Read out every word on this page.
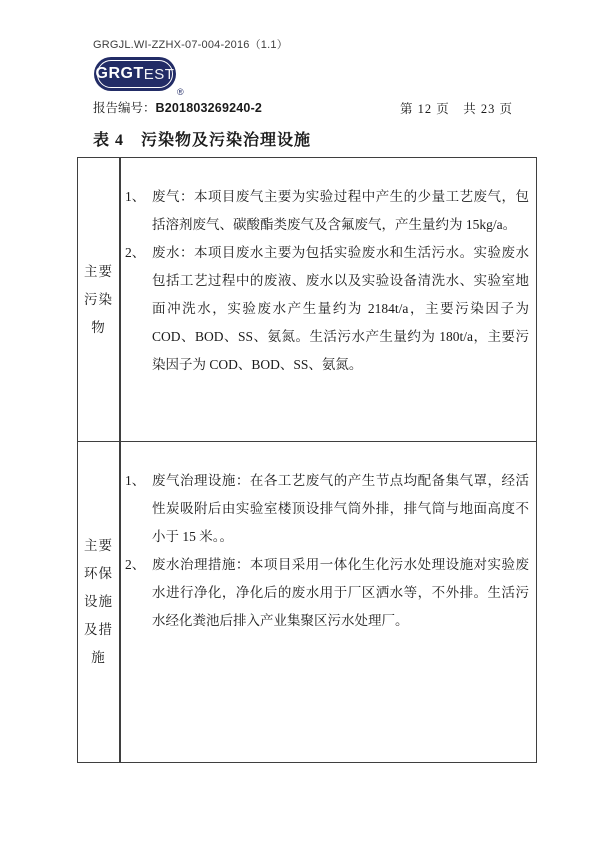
GRGJL.WI-ZZHX-07-004-2016（1.1）
GRGT EST
®
报告编号：B201803269240-2	第 12 页　共 23 页
表 4　污染物及污染治理设施
主要
污染
物
1、 废气：本项目废气主要为实验过程中产生的少量工艺废气，包括溶剂废气、碳酸酯类废气及含氟废气，产生量约为 15kg/a。
2、 废水：本项目废水主要为包括实验废水和生活污水。实验废水包括工艺过程中的废液、废水以及实验设备清洗水、实验室地面冲洗水，实验废水产生量约为 2184t/a，主要污染因子为 COD、BOD、SS、氨氮。生活污水产生量约为 180t/a，主要污染因子为 COD、BOD、SS、氨氮。
主要
环保
设施
及措
施
1、 废气治理设施：在各工艺废气的产生节点均配备集气罩，经活性炭吸附后由实验室楼顶设排气筒外排，排气筒与地面高度不小于 15 米。。
2、 废水治理措施：本项目采用一体化生化污水处理设施对实验废水进行净化，净化后的废水用于厂区洒水等，不外排。生活污水经化粪池后排入产业集聚区污水处理厂。
